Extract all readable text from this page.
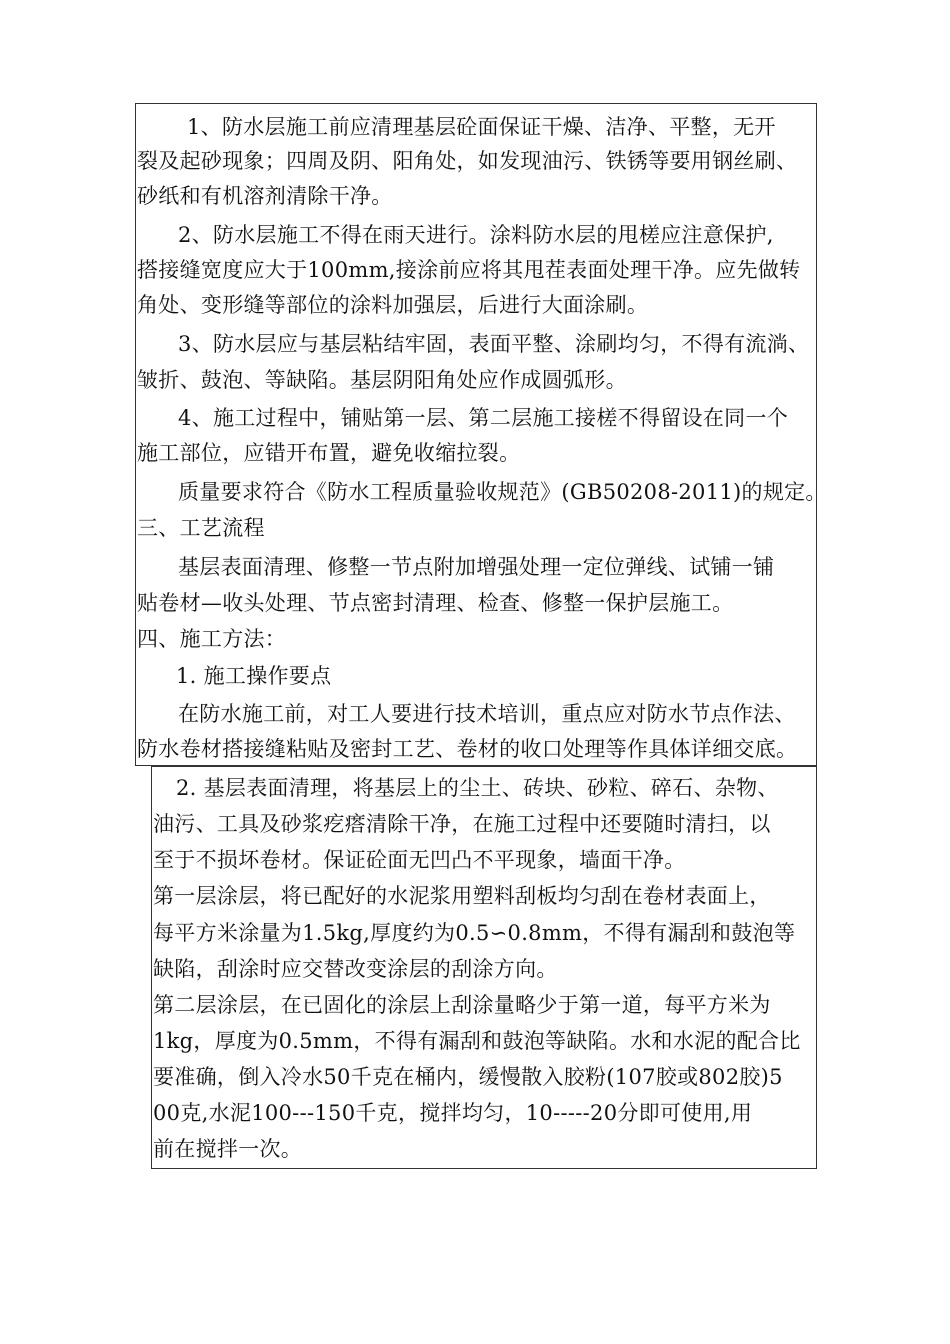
1、防水层施工前应清理基层砼面保证干燥、洁净、平整，无开
裂及起砂现象；四周及阴、阳角处，如发现油污、铁锈等要用钢丝刷、
砂纸和有机溶剂清除干净。
2、防水层施工不得在雨天进行。涂料防水层的甩槎应注意保护,
搭接缝宽度应大于100mm,接涂前应将其甩茬表面处理干净。应先做转
角处、变形缝等部位的涂料加强层，后进行大面涂刷。
3、防水层应与基层粘结牢固，表面平整、涂刷均匀，不得有流淌、
皱折、鼓泡、等缺陷。基层阴阳角处应作成圆弧形。
4、施工过程中，铺贴第一层、第二层施工接槎不得留设在同一个
施工部位，应错开布置，避免收缩拉裂。
质量要求符合《防水工程质量验收规范》(GB50208-2011)的规定。
三、工艺流程
基层表面清理、修整一节点附加增强处理一定位弹线、试铺一铺
贴卷材—收头处理、节点密封清理、检查、修整一保护层施工。
四、施工方法：
1. 施工操作要点
在防水施工前，对工人要进行技术培训，重点应对防水节点作法、
防水卷材搭接缝粘贴及密封工艺、卷材的收口处理等作具体详细交底。
2. 基层表面清理，将基层上的尘土、砖块、砂粒、碎石、杂物、
油污、工具及砂浆疙瘩清除干净，在施工过程中还要随时清扫，以
至于不损坏卷材。保证砼面无凹凸不平现象，墙面干净。
第一层涂层，将已配好的水泥浆用塑料刮板均匀刮在卷材表面上，
每平方米涂量为1.5kg,厚度约为0.5∽0.8mm，不得有漏刮和鼓泡等
缺陷，刮涂时应交替改变涂层的刮涂方向。
第二层涂层，在已固化的涂层上刮涂量略少于第一道，每平方米为
1kg，厚度为0.5mm，不得有漏刮和鼓泡等缺陷。水和水泥的配合比
要准确，倒入冷水50千克在桶内，缓慢散入胶粉(107胶或802胶)5
00克,水泥100---150千克，搅拌均匀，10-----20分即可使用,用
前在搅拌一次。
